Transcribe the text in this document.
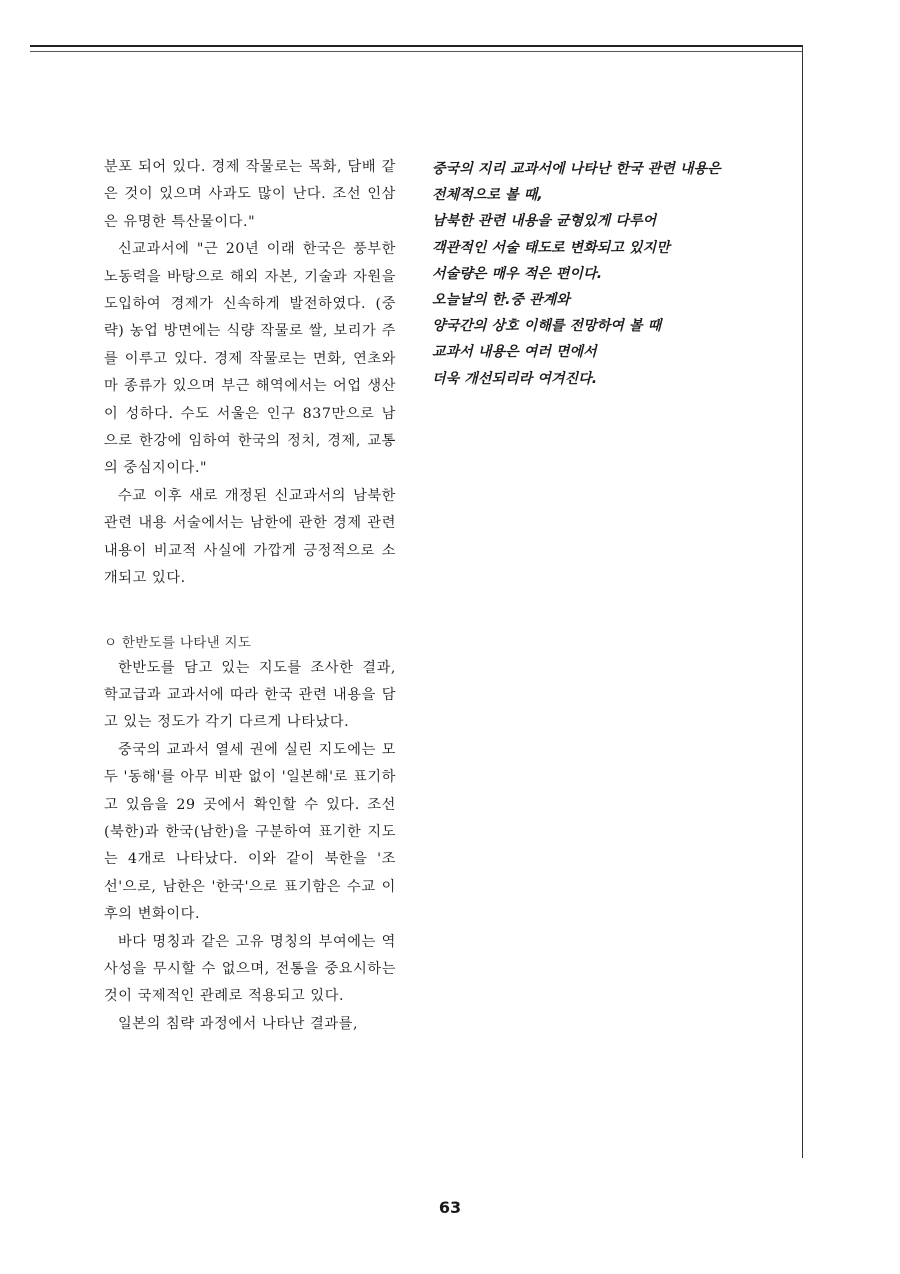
분포 되어 있다. 경제 작물로는 목화, 담배 같은 것이 있으며 사과도 많이 난다. 조선 인삼 은 유명한 특산물이다."

신교과서에 "근 20년 이래 한국은 풍부한 노동력을 바탕으로 해외 자본, 기술과 자원을 도입하여 경제가 신속하게 발전하였다. (중략) 농업 방면에는 식량 작물로 쌀, 보리가 주를 이루고 있다. 경제 작물로는 면화, 연초와 마 종류가 있으며 부근 해역에서는 어업 생산이 성하다. 수도 서울은 인구 837만으로 남으로 한강에 임하여 한국의 정치, 경제, 교통의 중심지이다."

수교 이후 새로 개정된 신교과서의 남북한 관련 내용 서술에서는 남한에 관한 경제 관련 내용이 비교적 사실에 가깝게 긍정적으로 소개되고 있다.

ㅇ 한반도를 나타낸 지도

한반도를 담고 있는 지도를 조사한 결과, 학교급과 교과서에 따라 한국 관련 내용을 담고 있는 정도가 각기 다르게 나타났다.

중국의 교과서 열세 권에 실린 지도에는 모두 '동해'를 아무 비판 없이 '일본해'로 표기하고 있음을 29 곳에서 확인할 수 있다. 조선(북한)과 한국(남한)을 구분하여 표기한 지도는 4개로 나타났다. 이와 같이 북한을 '조선'으로, 남한은 '한국'으로 표기함은 수교 이후의 변화이다.

바다 명칭과 같은 고유 명칭의 부여에는 역사성을 무시할 수 없으며, 전통을 중요시하는 것이 국제적인 관례로 적용되고 있다.

일본의 침략 과정에서 나타난 결과를,

중국의 지리 교과서에 나타난 한국 관련 내용은
전체적으로 볼 때,
남북한 관련 내용을 균형있게 다루어
객관적인 서술 태도로 변화되고 있지만
서술량은 매우 적은 편이다.
오늘날의 한.중 관계와
양국간의 상호 이해를 전망하여 볼 때
교과서 내용은 여러 면에서
더욱 개선되리라 여겨진다.
63
